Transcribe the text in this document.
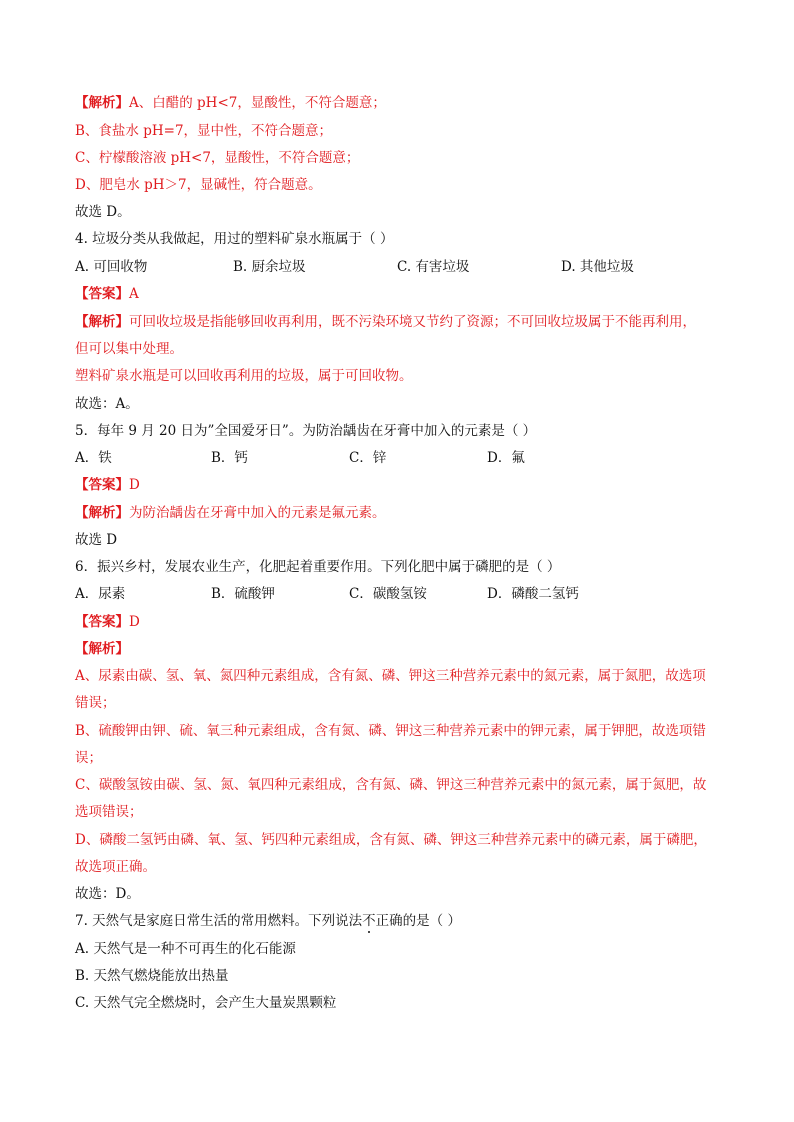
【解析】A、白醋的 pH<7，显酸性，不符合题意；
B、食盐水 pH=7，显中性，不符合题意；
C、柠檬酸溶液 pH<7，显酸性，不符合题意；
D、肥皂水 pH＞7，显碱性，符合题意。
故选 D。
4. 垃圾分类从我做起，用过的塑料矿泉水瓶属于（ ）
A. 可回收物	B. 厨余垃圾	C. 有害垃圾	D. 其他垃圾
【答案】A
【解析】可回收垃圾是指能够回收再利用，既不污染环境又节约了资源；不可回收垃圾属于不能再利用，
但可以集中处理。
塑料矿泉水瓶是可以回收再利用的垃圾，属于可回收物。
故选：A。
5．每年 9 月 20 日为”全国爱牙日”。为防治龋齿在牙膏中加入的元素是（ ）
A．铁	B．钙	C．锌	D．氟
【答案】D
【解析】为防治龋齿在牙膏中加入的元素是氟元素。
故选 D
6．振兴乡村，发展农业生产，化肥起着重要作用。下列化肥中属于磷肥的是（ ）
A．尿素	B．硫酸钾	C．碳酸氢铵	D．磷酸二氢钙
【答案】D
【解析】
A、尿素由碳、氢、氧、氮四种元素组成，含有氮、磷、钾这三种营养元素中的氮元素，属于氮肥，故选项
错误；
B、硫酸钾由钾、硫、氧三种元素组成，含有氮、磷、钾这三种营养元素中的钾元素，属于钾肥，故选项错
误；
C、碳酸氢铵由碳、氢、氮、氧四种元素组成，含有氮、磷、钾这三种营养元素中的氮元素，属于氮肥，故
选项错误；
D、磷酸二氢钙由磷、氧、氢、钙四种元素组成，含有氮、磷、钾这三种营养元素中的磷元素，属于磷肥，
故选项正确。
故选：D。
7. 天然气是家庭日常生活的常用燃料。下列说法不正确的是（ ）
A. 天然气是一种不可再生的化石能源
B. 天然气燃烧能放出热量
C. 天然气完全燃烧时，会产生大量炭黑颗粒
